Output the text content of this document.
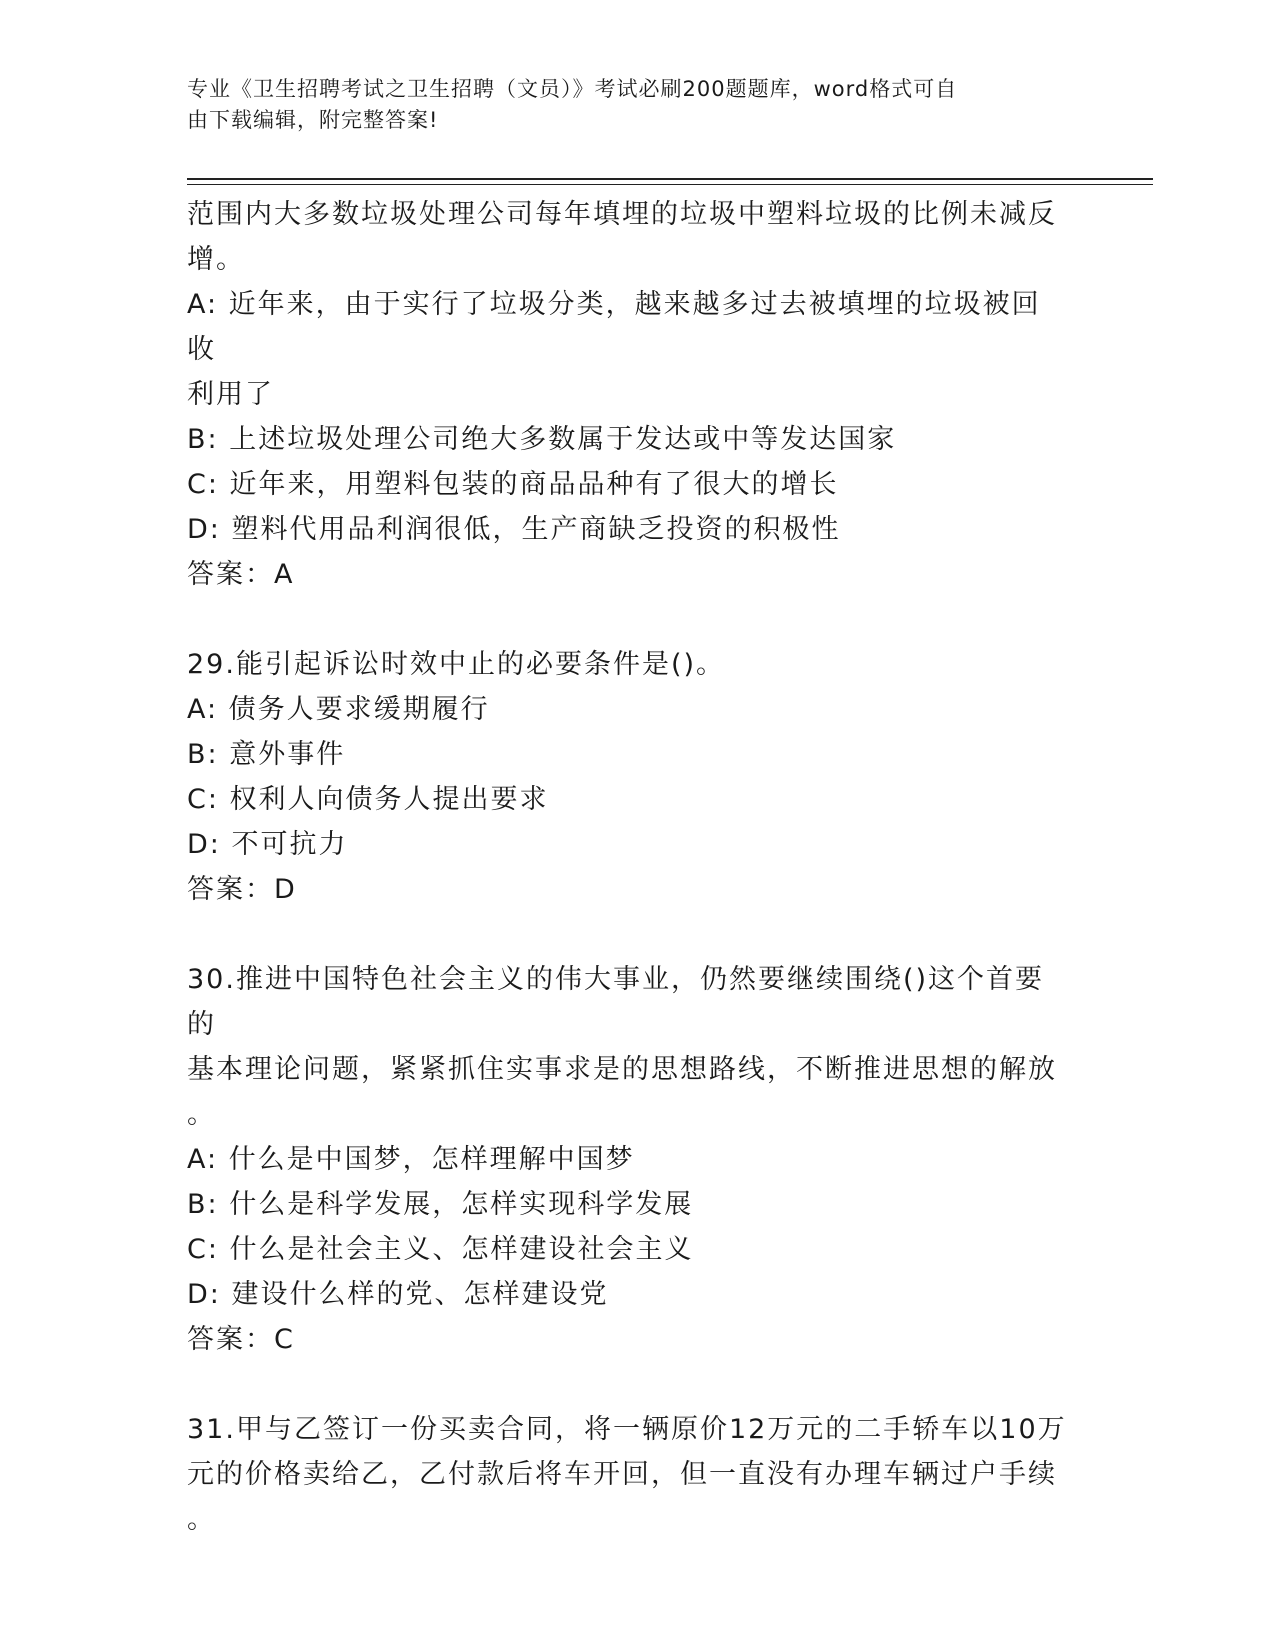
专业《卫生招聘考试之卫生招聘（文员）》考试必刷200题题库，word格式可自
由下载编辑，附完整答案!
范围内大多数垃圾处理公司每年填埋的垃圾中塑料垃圾的比例未减反
增。
A: 近年来，由于实行了垃圾分类，越来越多过去被填埋的垃圾被回收
利用了
B: 上述垃圾处理公司绝大多数属于发达或中等发达国家
C: 近年来，用塑料包装的商品品种有了很大的增长
D: 塑料代用品利润很低，生产商缺乏投资的积极性
答案：A
29.能引起诉讼时效中止的必要条件是()。
A: 债务人要求缓期履行
B: 意外事件
C: 权利人向债务人提出要求
D: 不可抗力
答案：D
30.推进中国特色社会主义的伟大事业，仍然要继续围绕()这个首要的
基本理论问题，紧紧抓住实事求是的思想路线，不断推进思想的解放
。
A: 什么是中国梦，怎样理解中国梦
B: 什么是科学发展，怎样实现科学发展
C: 什么是社会主义、怎样建设社会主义
D: 建设什么样的党、怎样建设党
答案：C
31.甲与乙签订一份买卖合同，将一辆原价12万元的二手轿车以10万
元的价格卖给乙，乙付款后将车开回，但一直没有办理车辆过户手续
。
